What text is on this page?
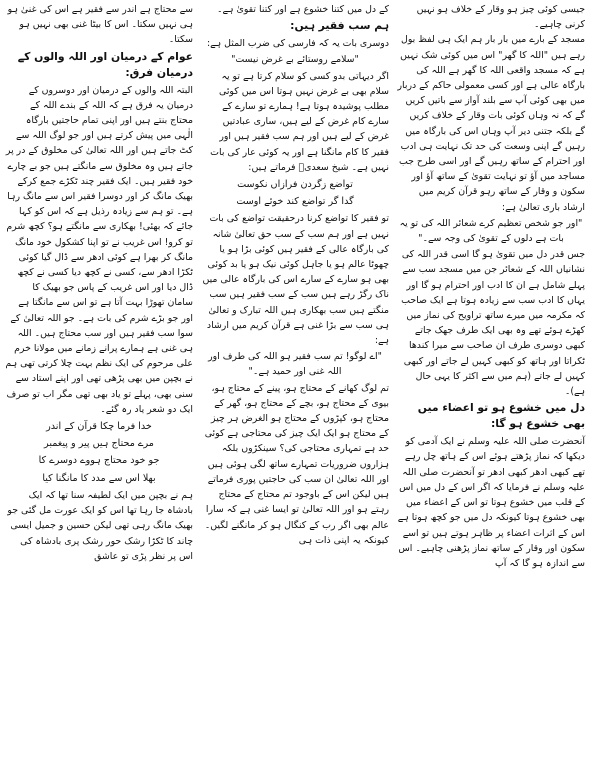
جیسی کوئی چیز ہو وقار کے خلاف ہو نہیں کرنی چاہیے۔

مسجد کے بارے میں بار بار ہم ایک ہی لفظ بول رہے ہیں "اللہ کا گھر" اس میں کوئی شک نہیں ہے کہ مسجد واقعی اللہ کا گھر ہے اللہ کی بارگاہ عالی ہے اور کسی معمولی حاکم کے دربار میں بھی کوئی آپ سے بلند آواز سے باتیں کریں گے کہ نہ وہاں کوئی بات وقار کے خلاف کریں گے بلکہ جتنی دیر آپ وہاں اس کی بارگاہ میں رہیں گے اپنی وسعت کی حد تک نہایت ہی ادب اور احترام کے ساتھ رہیں گے اور اسی طرح جب مساجد میں آؤ تو نہایت تقویٰ کے ساتھ آؤ اور سکون و وقار کے ساتھ رہو قرآن کریم میں ارشاد باری تعالیٰ ہے:

"اور جو شخص تعظیم کرے شعائر اللہ کی تو یہ بات ہے دلوں کے تقویٰ کی وجہ سے۔"

جس قدر دل میں تقویٰ ہو گا اسی قدر اللہ کی نشانیاں اللہ کے شعائر جن میں مسجد سب سے پہلے شامل ہے ان کا ادب اور احترام ہو گا اور یہاں کا ادب سب سے زیادہ ہوتا ہے ایک صاحب کہ مکرمہ میں میرے ساتھ تراویح کی نماز میں کھڑے ہوئے تھے وہ بھی ایک طرف جھک جاتے کبھی دوسری طرف ان صاحب سے میرا کندھا ٹکراتا اور ہاتھ کو کبھی کہیں لے جاتے اور کبھی کہیں لے جاتے (ہم میں سے اکثر کا یہی حال ہے)۔

دل میں خشوع ہو تو اعضاء میں بھی خشوع ہو گا:

آنحضرت صلی اللہ علیہ وسلم نے ایک آدمی کو دیکھا کہ نماز پڑھتے ہوئے اس کے ہاتھ چل رہے تھے کبھی ادھر کبھی ادھر تو آنحضرت صلی اللہ علیہ وسلم نے فرمایا کہ اگر اس کے دل میں اس کے قلب میں خشوع ہوتا تو اس کے اعضاء میں بھی خشوع ہوتا کیونکہ دل میں جو کچھ ہوتا ہے اس کے اثرات اعضاء پر ظاہر ہوتے ہیں تو اسے سکون اور وقار کے ساتھ نماز پڑھنی چاہیے۔ اس سے اندازہ ہو گا کہ آپ

کے دل میں کتنا خشوع ہے اور کتنا تقویٰ ہے۔

ہم سب فقیر ہیں:

دوسری بات یہ کہ فارسی کی ضرب المثل ہے:

"سلامے روستائے بے غرض نیست"

اگر دیہاتی بدو کسی کو سلام کرتا ہے تو یہ سلام بھی بے غرض نہیں ہوتا اس میں کوئی مطلب پوشیدہ ہوتا ہے! ہمارے تو سارے کے سارے کام غرض کے لیے ہیں، ساری عبادتیں غرض کے لیے ہیں اور ہم سب فقیر ہیں اور فقیر کا کام مانگنا ہے اور یہ کوئی عار کی بات نہیں ہے۔ شیخ سعدیؒ فرماتے ہیں:

تواضع زگردن فرازاں نکوست

گدا گر تواضع کند خوئے اوست

تو فقیر کا تواضع کرنا درحقیقت تواضع کی بات نہیں ہے اور ہم سب کے سب حق تعالیٰ شانہ کی بارگاہ عالی کے فقیر ہیں کوئی بڑا ہو یا چھوٹا عالم ہو یا جاہل کوئی نیک ہو یا بد کوئی بھی ہو سارے کے سارے اس کی بارگاہ عالی میں ناک رگڑ رہے ہیں سب کے سب فقیر ہیں سب منگتے ہیں سب بھکاری ہیں اللہ تبارک و تعالیٰ ہی سب سے بڑا غنی ہے قرآن کریم میں ارشاد ہے:

"اے لوگو! تم سب فقیر ہو اللہ کی طرف اور اللہ غنی اور حمید ہے۔"

تم لوگ کھانے کے محتاج ہو، پینے کے محتاج ہو، بیوی کے محتاج ہو، بچے کے محتاج ہو، گھر کے محتاج ہو، کپڑوں کے محتاج ہو الغرض ہر چیز کے محتاج ہو ایک ایک چیز کی محتاجی ہے کوئی حد ہے تمہاری محتاجی کی؟ سینکڑوں بلکہ ہزاروں ضروریات تمہارے ساتھ لگی ہوئی ہیں اور اللہ تعالیٰ ان سب کی حاجتیں پوری فرماتے ہیں لیکن اس کے باوجود تم محتاج کے محتاج رہتے ہو اور اللہ تعالیٰ تو ایسا غنی ہے کہ سارا عالم بھی اگر رب کے کنگال ہو کر مانگنے لگیں۔ کیونکہ یہ اپنی ذات ہی

سے محتاج ہے اندر سے فقیر ہے اس کی غنیٰ ہو ہی نہیں سکتا۔ اس کا بیٹا غنی بھی نہیں ہو سکتا۔

عوام کے درمیان اور اللہ والوں کے درمیان فرق:

البتہ اللہ والوں کے درمیان اور دوسروں کے درمیان یہ فرق ہے کہ اللہ کے بندے اللہ کے محتاج بنتے ہیں اور اپنی تمام حاجتیں بارگاہ الٰہی میں پیش کرتے ہیں اور جو لوگ اللہ سے کٹ جاتے ہیں اور اللہ تعالیٰ کی مخلوق کے در پر جاتے ہیں وہ مخلوق سے مانگتے ہیں جو بے چارے خود فقیر ہیں۔ ایک فقیر چند ٹکڑے جمع کرکے بھیک مانگ کر اور دوسرا فقیر اس سے مانگ رہا ہے۔ تو ہم سے زیادہ رذیل ہے کہ اس کو کہا جائے کہ بھئی! بھکاری سے مانگتے ہو؟ کچھ شرم تو کرو! اس غریب نے تو اپنا کشکول خود مانگ مانگ کر بھرا ہے کوئی ادھر سے ڈال گیا کوئی ٹکڑا ادھر سے، کسی نے کچھ دیا کسی نے کچھ ڈال دیا اور اس غریب کے پاس جو بھیک کا سامان تھوڑا بہت آتا ہے تو اس سے مانگتا ہے اور جو بڑے شرم کی بات ہے۔ جو اللہ تعالیٰ کے سوا سب فقیر ہیں اور سب محتاج ہیں۔ اللہ ہی غنی ہے ہمارے پرانے زمانے میں مولانا خرم علی مرحوم کی ایک نظم بہت چلا کرتی تھی ہم نے بچپن میں بھی پڑھی تھی اور اپنے استاد سے سنی بھی، پہلے تو یاد بھی تھی مگر اب تو صرف ایک دو شعر یاد رہ گئے۔

خدا فرما چکا قرآن کے اندر

مرے محتاج ہیں پیر و پیغمبر

جو خود محتاج ہووے دوسرے کا

بھلا اس سے مدد کا مانگنا کیا

ہم نے بچپن میں ایک لطیفہ سنا تھا کہ ایک بادشاہ جا رہا تھا اس کو ایک عورت مل گئی جو بھیک مانگ رہی تھی لیکن حسین و جمیل ایسی چاند کا ٹکڑا رشک حور رشک پری بادشاہ کی اس پر نظر پڑی تو عاشق
